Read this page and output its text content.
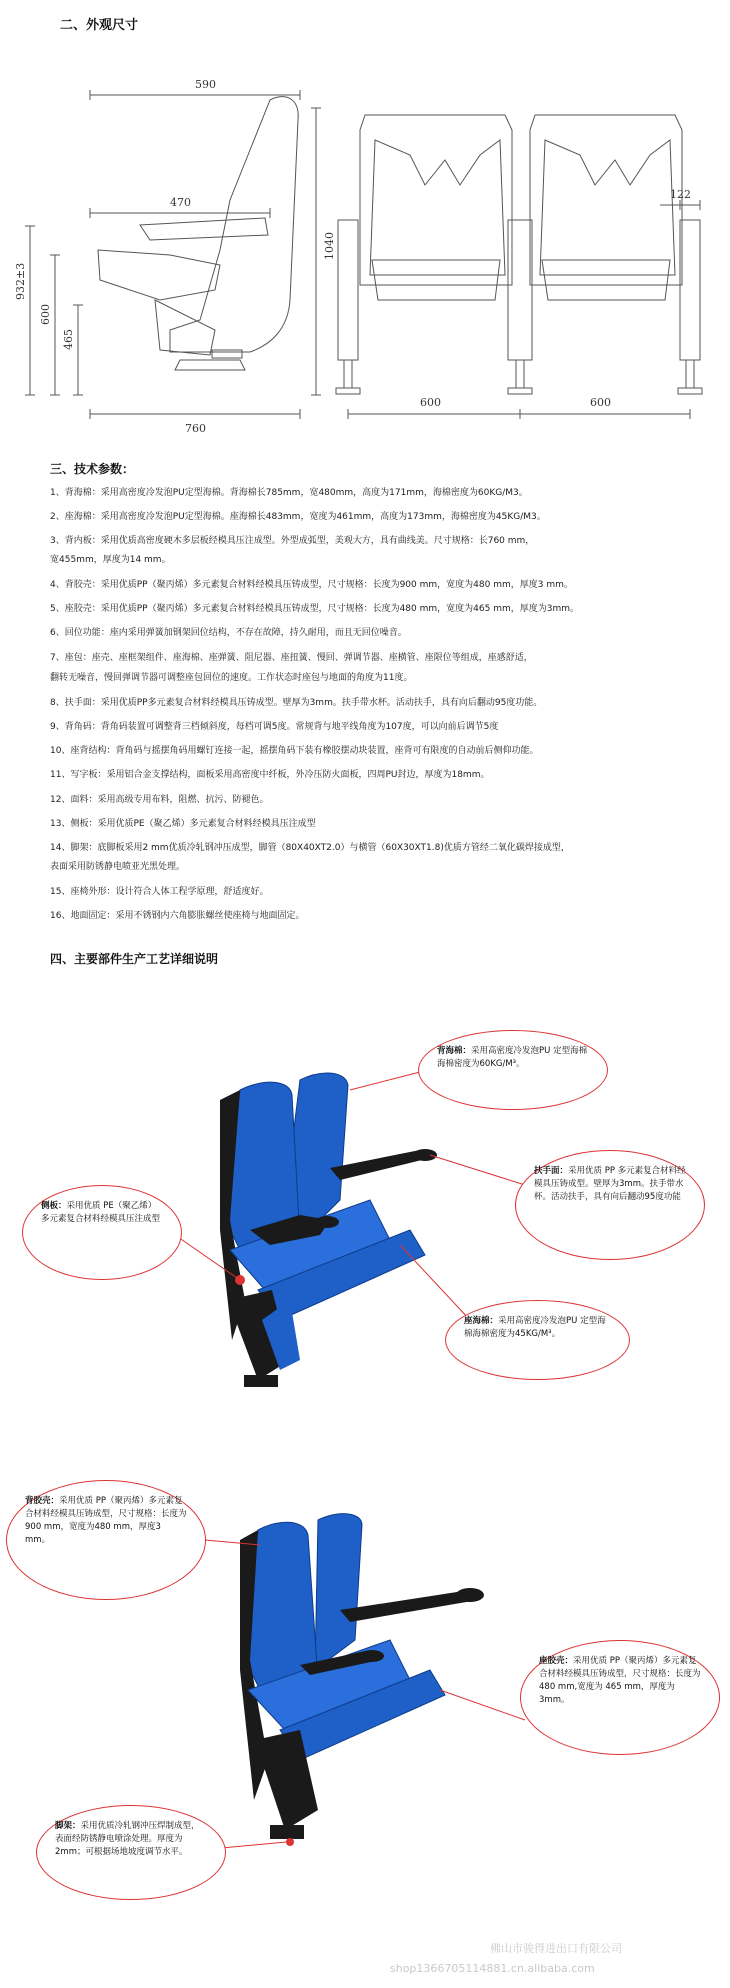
二、外观尺寸
590
470
760
932±3
600
465
1040
122
600	600
三、技术参数：
1、背海棉：采用高密度冷发泡PU定型海棉。背海棉长785mm，宽480mm，高度为171mm，海棉密度为60KG/M3。
2、座海棉：采用高密度冷发泡PU定型海棉。座海棉长483mm，宽度为461mm，高度为173mm，海棉密度为45KG/M3。
3、背内板：采用优质高密度硬木多层板经模具压注成型。外型成弧型，美观大方，具有曲线美。尺寸规格：长760 mm，
宽455mm，厚度为14 mm。
4、背胶壳：采用优质PP（聚丙烯）多元素复合材料经模具压铸成型，尺寸规格：长度为900 mm，宽度为480 mm，厚度3 mm。
5、座胶壳：采用优质PP（聚丙烯）多元素复合材料经模具压铸成型，尺寸规格：长度为480 mm，宽度为465 mm，厚度为3mm。
6、回位功能：座内采用弹簧加钢架回位结构，不存在故障，持久耐用，而且无回位噪音。
7、座包：座壳、座框架组件、座海棉、座弹簧、阻尼器、座扭簧、慢回、弹调节器、座横管、座限位等组成，座感舒适，
翻转无噪音，慢回弹调节器可调整座包回位的速度。工作状态时座包与地面的角度为11度。
8、扶手面：采用优质PP多元素复合材料经模具压铸成型。壁厚为3mm。扶手带水杯。活动扶手，具有向后翻动95度功能。
9、背角码：背角码装置可调整背三档倾斜度，每档可调5度。常规背与地平线角度为107度，可以向前后调节5度
10、座背结构：背角码与摇摆角码用螺钉连接一起，摇摆角码下装有橡胶摆动块装置，座背可有限度的自动前后侧仰功能。
11、写字板：采用铝合金支撑结构，面板采用高密度中纤板，外冷压防火面板，四周PU封边，厚度为18mm。
12、面料：采用高级专用布料，阻燃、抗污、防褪色。
13、侧板：采用优质PE（聚乙烯）多元素复合材料经模具压注成型
14、脚架：底脚板采用2 mm优质冷轧钢冲压成型，脚管（80X40XT2.0）与横管（60X30XT1.8)优质方管经二氧化碳焊接成型，
表面采用防锈静电喷亚光黑处理。
15、座椅外形：设计符合人体工程学原理，舒适度好。
16、地面固定：采用不锈钢内六角膨胀螺丝使座椅与地面固定。
四、主要部件生产工艺详细说明
背海棉：采用高密度冷发泡PU 定型海棉海棉密度为60KG/M³。
扶手面：采用优质 PP 多元素复合材料经模具压铸成型。壁厚为3mm。扶手带水杯。活动扶手，具有向后翻动95度功能
侧板：采用优质 PE（聚乙烯）多元素复合材料经模具压注成型
座海棉：采用高密度冷发泡PU 定型海棉海棉密度为45KG/M³。
背胶壳：采用优质 PP（聚丙烯）多元素复合材料经模具压铸成型，尺寸规格：长度为 900 mm，宽度为480 mm，厚度3 mm。
座胶壳：采用优质 PP（聚丙烯）多元素复合材料经模具压铸成型，尺寸规格：长度为 480 mm,宽度为 465 mm，厚度为 3mm。
脚架：采用优质冷轧钢冲压焊制成型，表面经防锈静电喷涂处理。厚度为 2mm；可根据场地坡度调节水平。
佛山市骏得进出口有限公司
shop1366705114881.cn.alibaba.com
